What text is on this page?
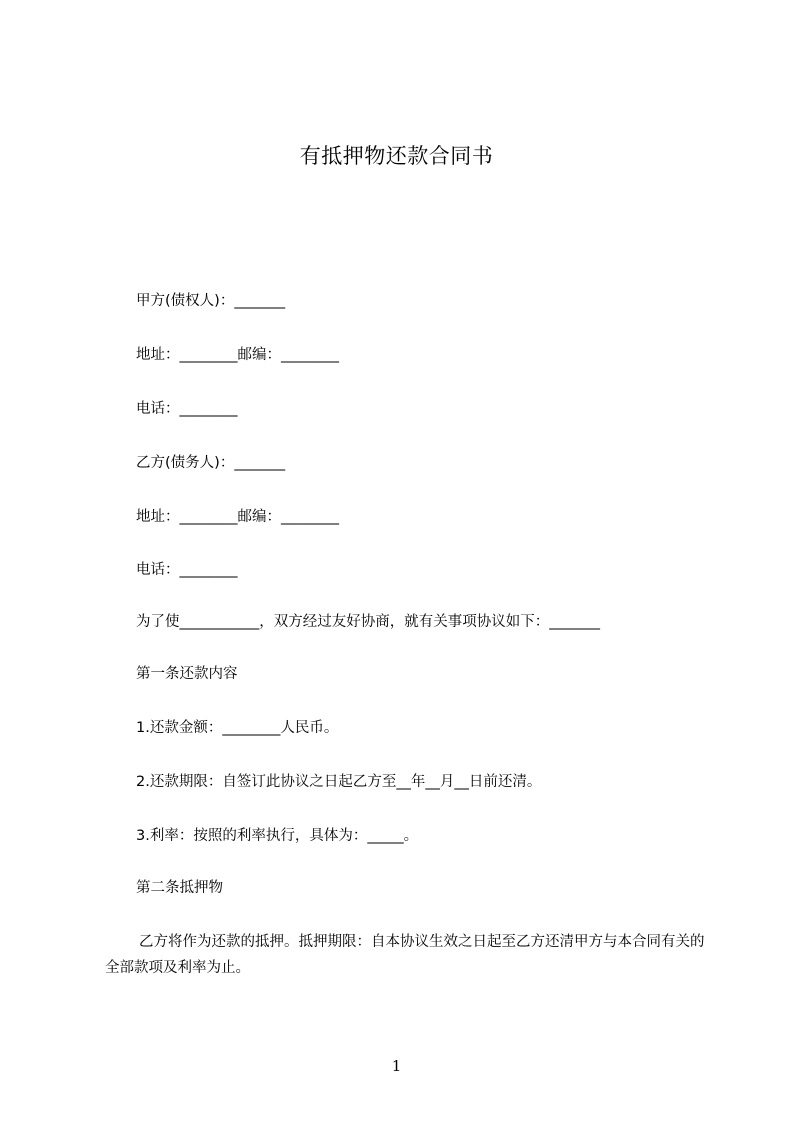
有抵押物还款合同书
甲方(债权人)：_______
地址：________邮编：________
电话：________
乙方(债务人)：_______
地址：________邮编：________
电话：________
为了使___________，双方经过友好协商，就有关事项协议如下：_______
第一条还款内容
1.还款金额：________人民币。
2.还款期限：自签订此协议之日起乙方至__年__月__日前还清。
3.利率：按照的利率执行，具体为：_____。
第二条抵押物
乙方将作为还款的抵押。抵押期限：自本协议生效之日起至乙方还清甲方与本合同有关的全部款项及利率为止。
1
